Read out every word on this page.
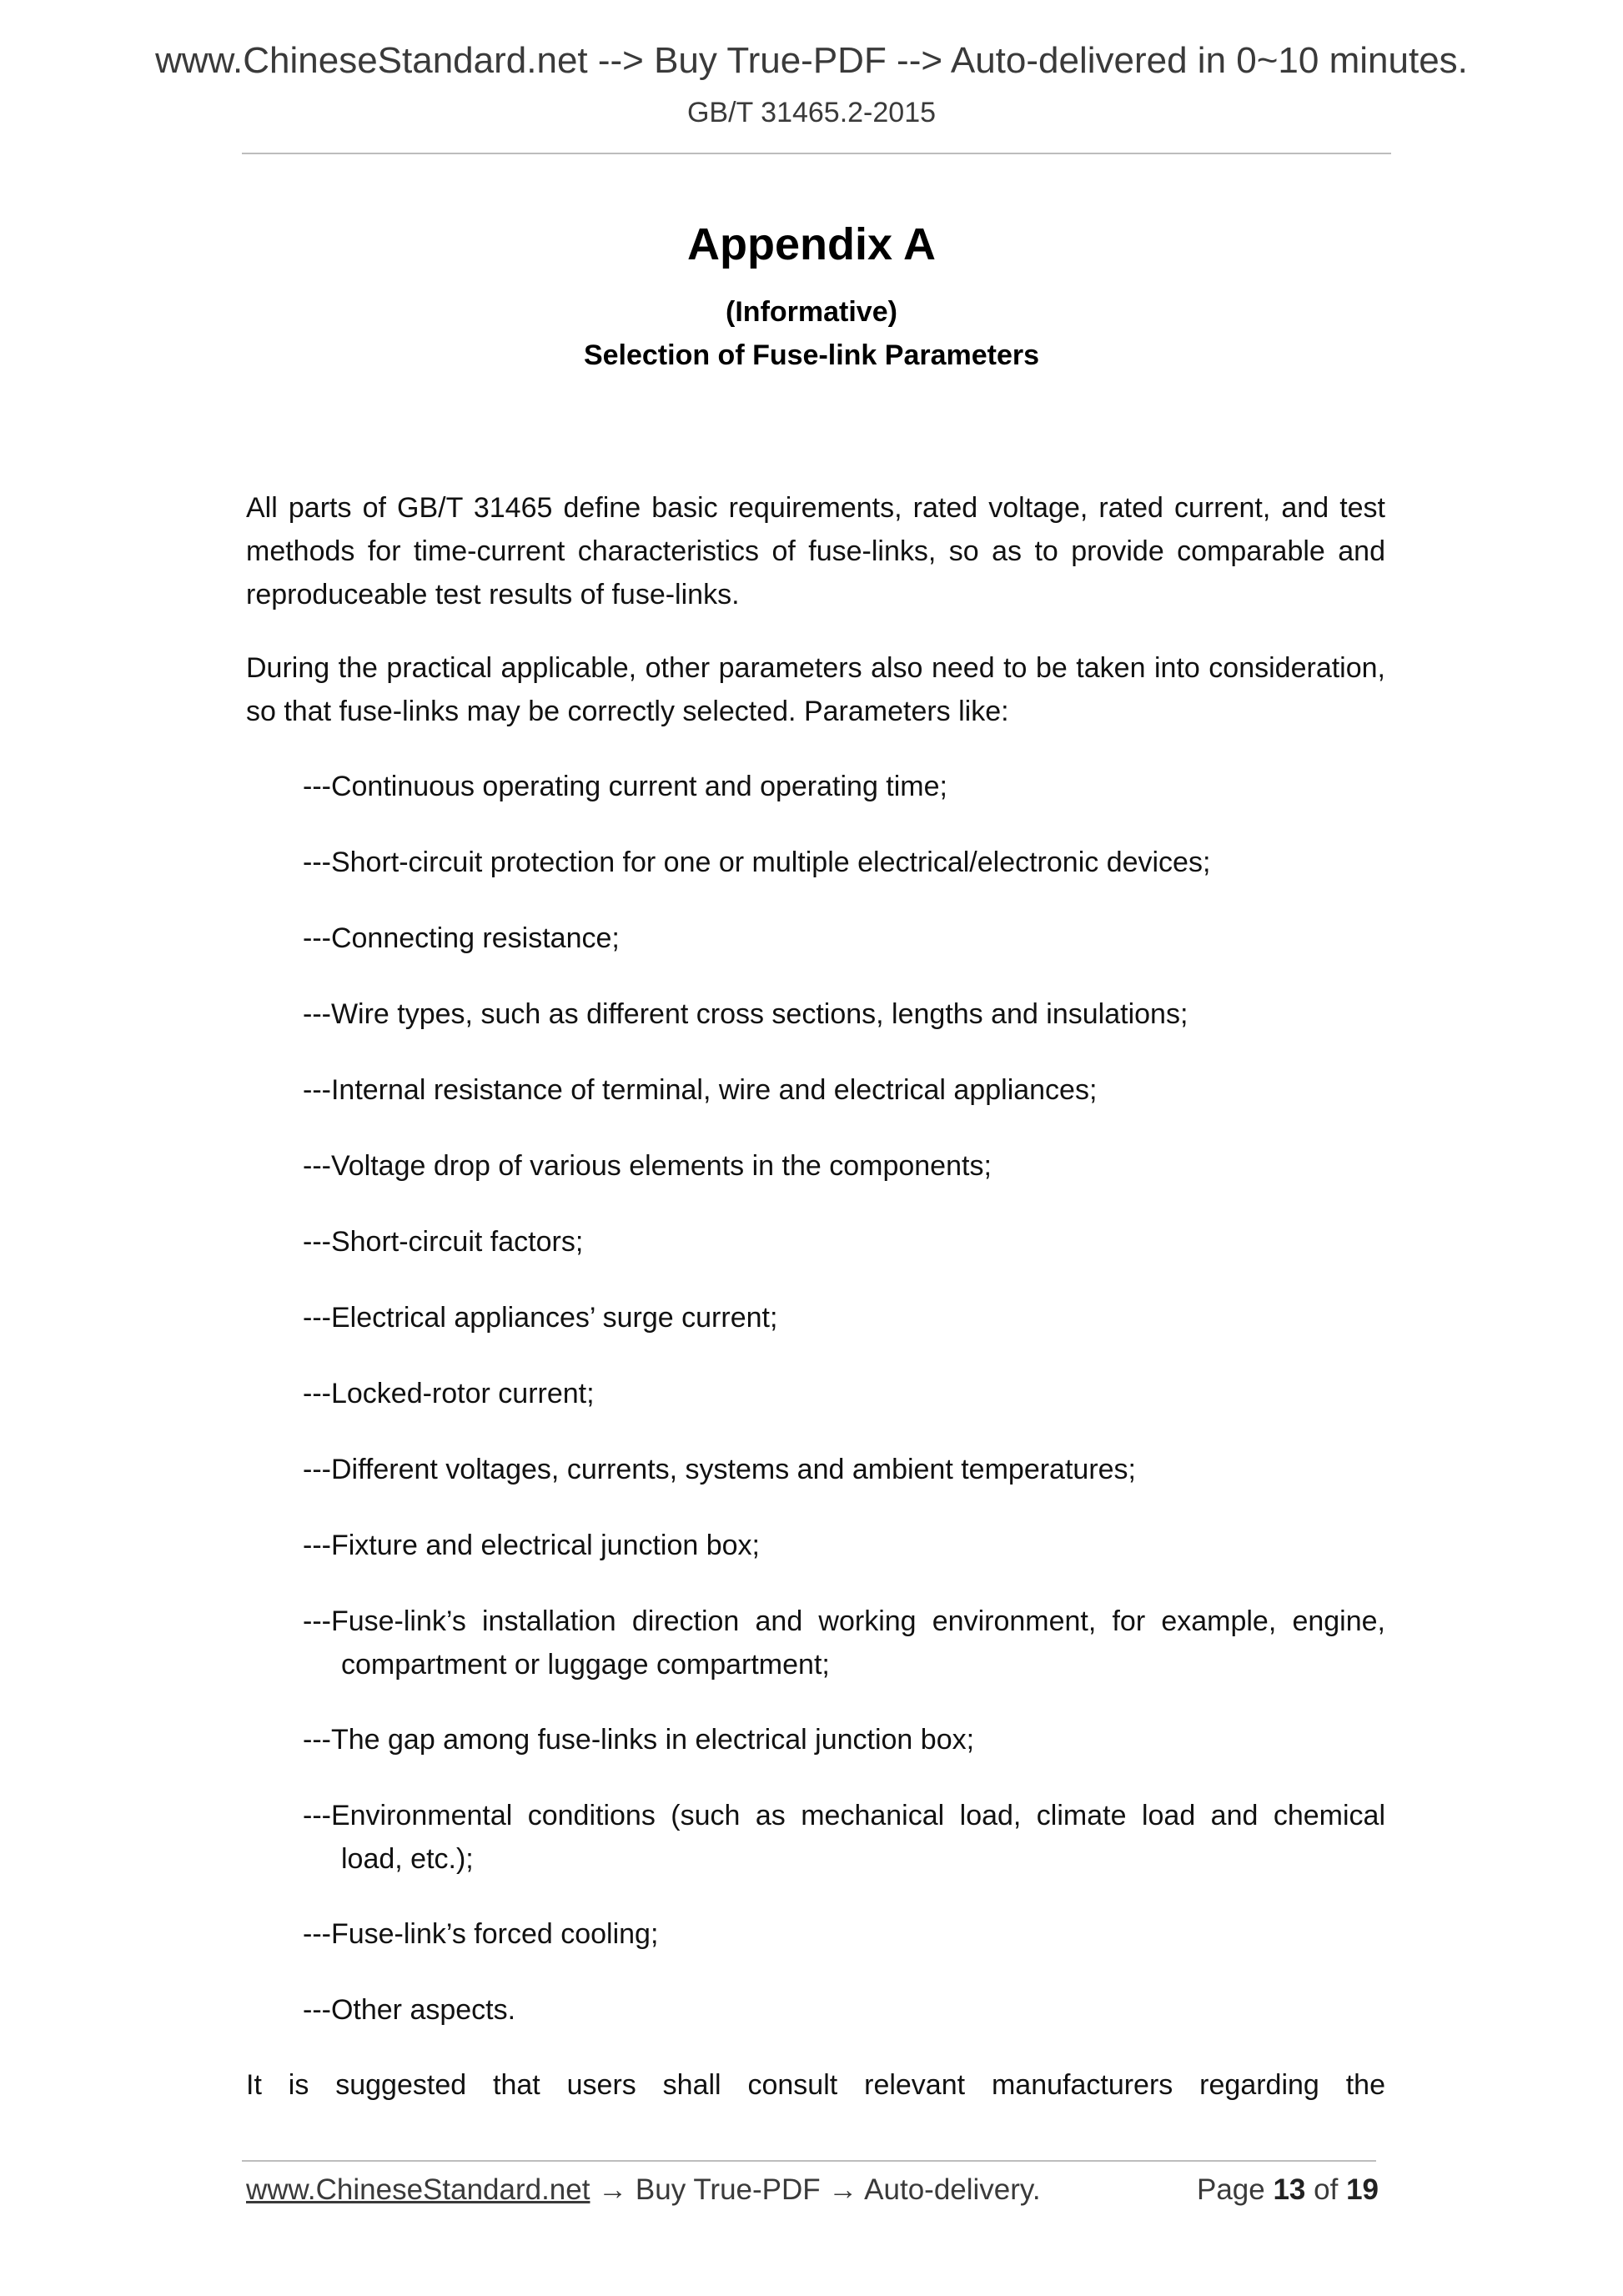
www.ChineseStandard.net --> Buy True-PDF --> Auto-delivered in 0~10 minutes.
GB/T 31465.2-2015
Appendix A
(Informative)
Selection of Fuse-link Parameters
All parts of GB/T 31465 define basic requirements, rated voltage, rated current, and test methods for time-current characteristics of fuse-links, so as to provide comparable and reproduceable test results of fuse-links.
During the practical applicable, other parameters also need to be taken into consideration, so that fuse-links may be correctly selected. Parameters like:
---Continuous operating current and operating time;
---Short-circuit protection for one or multiple electrical/electronic devices;
---Connecting resistance;
---Wire types, such as different cross sections, lengths and insulations;
---Internal resistance of terminal, wire and electrical appliances;
---Voltage drop of various elements in the components;
---Short-circuit factors;
---Electrical appliances’ surge current;
---Locked-rotor current;
---Different voltages, currents, systems and ambient temperatures;
---Fixture and electrical junction box;
---Fuse-link’s installation direction and working environment, for example, engine, compartment or luggage compartment;
---The gap among fuse-links in electrical junction box;
---Environmental conditions (such as mechanical load, climate load and chemical load, etc.);
---Fuse-link’s forced cooling;
---Other aspects.
It is suggested that users shall consult relevant manufacturers regarding the
www.ChineseStandard.net → Buy True-PDF → Auto-delivery.	Page 13 of 19
